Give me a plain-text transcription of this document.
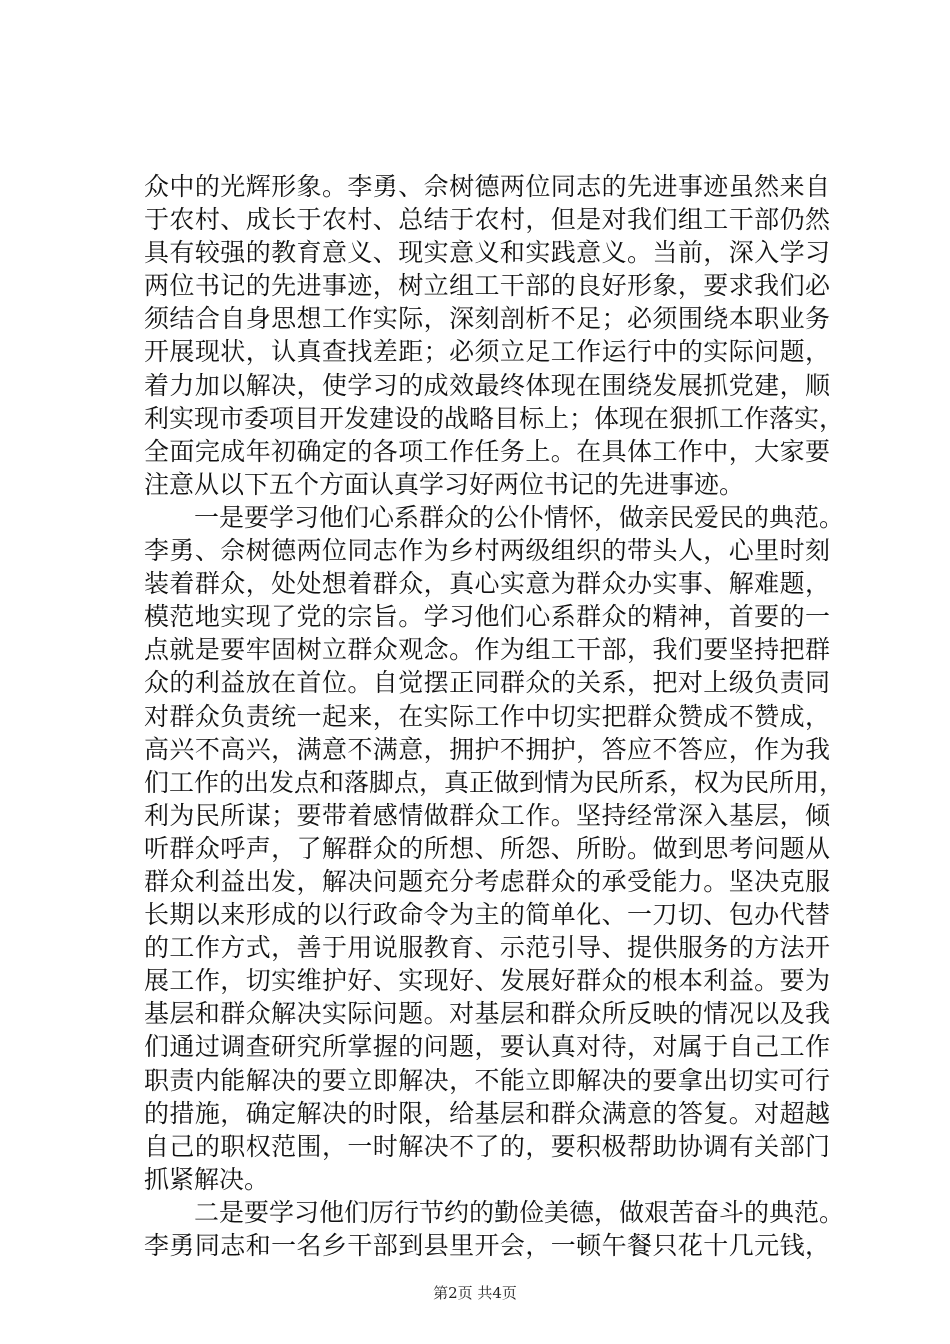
众中的光辉形象。李勇、佘树德两位同志的先进事迹虽然来自
于农村、成长于农村、总结于农村，但是对我们组工干部仍然
具有较强的教育意义、现实意义和实践意义。当前，深入学习
两位书记的先进事迹，树立组工干部的良好形象，要求我们必
须结合自身思想工作实际，深刻剖析不足；必须围绕本职业务
开展现状，认真查找差距；必须立足工作运行中的实际问题，
着力加以解决，使学习的成效最终体现在围绕发展抓党建，顺
利实现市委项目开发建设的战略目标上；体现在狠抓工作落实，
全面完成年初确定的各项工作任务上。在具体工作中，大家要
注意从以下五个方面认真学习好两位书记的先进事迹。
一是要学习他们心系群众的公仆情怀，做亲民爱民的典范。
李勇、佘树德两位同志作为乡村两级组织的带头人，心里时刻
装着群众，处处想着群众，真心实意为群众办实事、解难题，
模范地实现了党的宗旨。学习他们心系群众的精神，首要的一
点就是要牢固树立群众观念。作为组工干部，我们要坚持把群
众的利益放在首位。自觉摆正同群众的关系，把对上级负责同
对群众负责统一起来，在实际工作中切实把群众赞成不赞成，
高兴不高兴，满意不满意，拥护不拥护，答应不答应，作为我
们工作的出发点和落脚点，真正做到情为民所系，权为民所用，
利为民所谋；要带着感情做群众工作。坚持经常深入基层，倾
听群众呼声，了解群众的所想、所怨、所盼。做到思考问题从
群众利益出发，解决问题充分考虑群众的承受能力。坚决克服
长期以来形成的以行政命令为主的简单化、一刀切、包办代替
的工作方式，善于用说服教育、示范引导、提供服务的方法开
展工作，切实维护好、实现好、发展好群众的根本利益。要为
基层和群众解决实际问题。对基层和群众所反映的情况以及我
们通过调查研究所掌握的问题，要认真对待，对属于自己工作
职责内能解决的要立即解决，不能立即解决的要拿出切实可行
的措施，确定解决的时限，给基层和群众满意的答复。对超越
自己的职权范围，一时解决不了的，要积极帮助协调有关部门
抓紧解决。
二是要学习他们厉行节约的勤俭美德，做艰苦奋斗的典范。
李勇同志和一名乡干部到县里开会，一顿午餐只花十几元钱，
第2页 共4页
